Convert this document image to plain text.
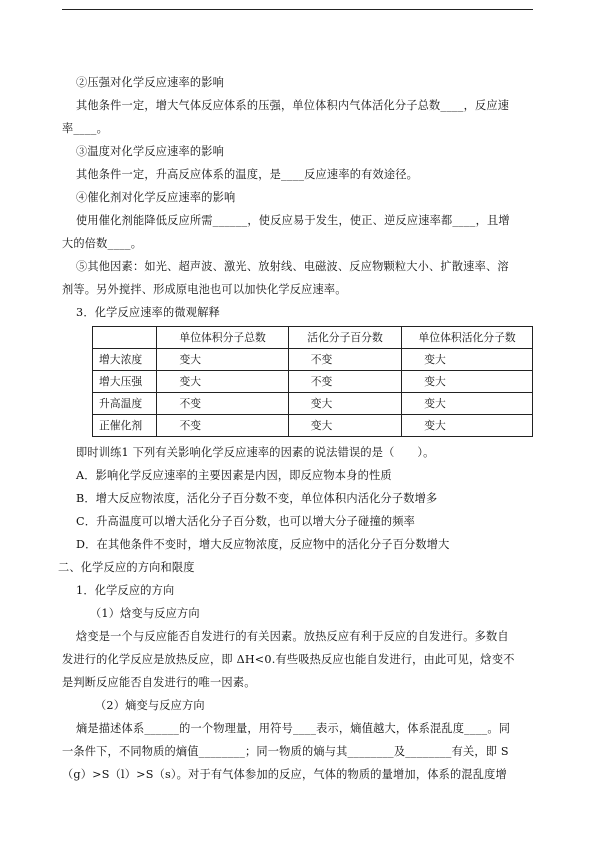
②压强对化学反应速率的影响

其他条件一定，增大气体反应体系的压强，单位体积内气体活化分子总数____，反应速

率____。

③温度对化学反应速率的影响

其他条件一定，升高反应体系的温度，是____反应速率的有效途径。

④催化剂对化学反应速率的影响

使用催化剂能降低反应所需______，使反应易于发生，使正、逆反应速率都____，且增

大的倍数____。

⑤其他因素：如光、超声波、激光、放射线、电磁波、反应物颗粒大小、扩散速率、溶

剂等。另外搅拌、形成原电池也可以加快化学反应速率。

3．化学反应速率的微观解释

	单位体积分子总数	活化分子百分数	单位体积活化分子数
增大浓度	变大	不变	变大
增大压强	变大	不变	变大
升高温度	不变	变大	变大
正催化剂	不变	变大	变大

即时训练1 下列有关影响化学反应速率的因素的说法错误的是（　　）。

A．影响化学反应速率的主要因素是内因，即反应物本身的性质

B．增大反应物浓度，活化分子百分数不变，单位体积内活化分子数增多

C．升高温度可以增大活化分子百分数，也可以增大分子碰撞的频率

D．在其他条件不变时，增大反应物浓度，反应物中的活化分子百分数增大

二、化学反应的方向和限度

1．化学反应的方向

（1）焓变与反应方向

焓变是一个与反应能否自发进行的有关因素。放热反应有利于反应的自发进行。多数自

发进行的化学反应是放热反应，即 ΔH<0.有些吸热反应也能自发进行，由此可见，焓变不

是判断反应能否自发进行的唯一因素。

（2）熵变与反应方向

熵是描述体系______的一个物理量，用符号____表示，熵值越大，体系混乱度____。同

一条件下，不同物质的熵值________；同一物质的熵与其________及________有关，即 S

（g）>S（l）>S（s）。对于有气体参加的反应，气体的物质的量增加，体系的混乱度增
